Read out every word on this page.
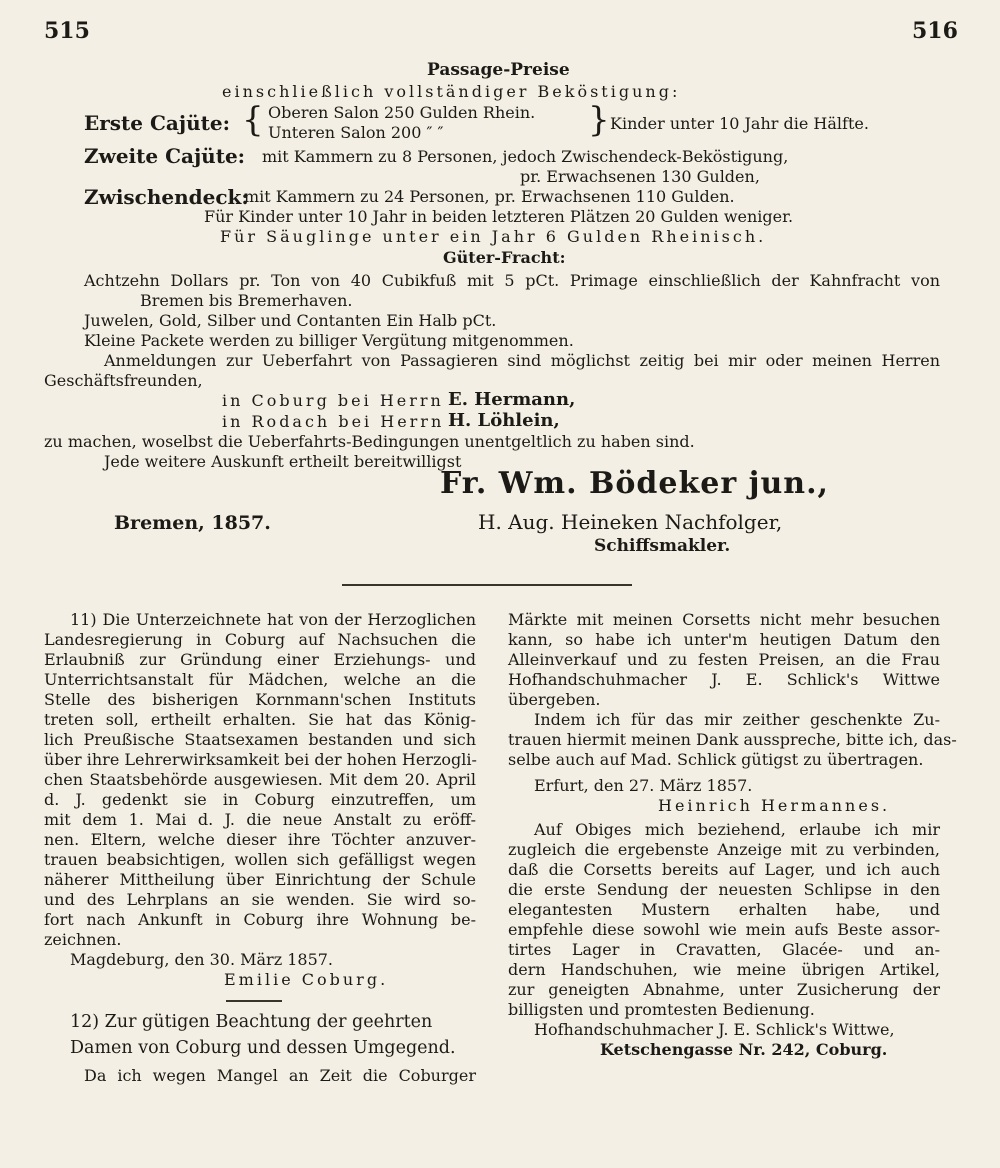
515	516
Passage-Preise
einschließlich vollständiger Beköstigung:
Erste Cajüte: { Oberen Salon 250 Gulden Rhein.
Unteren Salon 200 ″ ″	} Kinder unter 10 Jahr die Hälfte.
Zweite Cajüte: mit Kammern zu 8 Personen, jedoch Zwischendeck-Beköstigung,
pr. Erwachsenen 130 Gulden,
Zwischendeck:
mit Kammern zu 24 Personen, pr. Erwachsenen 110 Gulden.
Für Kinder unter 10 Jahr in beiden letzteren Plätzen 20 Gulden weniger.
Für Säuglinge unter ein Jahr 6 Gulden Rheinisch.
Güter-Fracht:
Achtzehn Dollars pr. Ton von 40 Cubikfuß mit 5 pCt. Primage einschließlich der Kahnfracht von
Bremen bis Bremerhaven.
Juwelen, Gold, Silber und Contanten Ein Halb pCt.
Kleine Packete werden zu billiger Vergütung mitgenommen.
Anmeldungen zur Ueberfahrt von Passagieren sind möglichst zeitig bei mir oder meinen Herren
Geschäftsfreunden,
in Coburg bei Herrn E. Hermann,
in Rodach bei Herrn H. Löhlein,
zu machen, woselbst die Ueberfahrts-Bedingungen unentgeltlich zu haben sind.
Jede weitere Auskunft ertheilt bereitwilligst
Fr. Wm. Bödeker jun.,
Bremen, 1857.	H. Aug. Heineken Nachfolger,
Schiffsmakler.
11) Die Unterzeichnete hat von der Herzoglichen
Landesregierung in Coburg auf Nachsuchen die
Erlaubniß zur Gründung einer Erziehungs- und
Unterrichtsanstalt für Mädchen, welche an die
Stelle des bisherigen Kornmann'schen Instituts
treten soll, ertheilt erhalten. Sie hat das König-
lich Preußische Staatsexamen bestanden und sich
über ihre Lehrerwirksamkeit bei der hohen Herzogli-
chen Staatsbehörde ausgewiesen. Mit dem 20. April
d. J. gedenkt sie in Coburg einzutreffen, um
mit dem 1. Mai d. J. die neue Anstalt zu eröff-
nen. Eltern, welche dieser ihre Töchter anzuver-
trauen beabsichtigen, wollen sich gefälligst wegen
näherer Mittheilung über Einrichtung der Schule
und des Lehrplans an sie wenden. Sie wird so-
fort nach Ankunft in Coburg ihre Wohnung be-
zeichnen.
Magdeburg, den 30. März 1857.
Emilie Coburg.
12) Zur gütigen Beachtung der geehrten
Damen von Coburg und dessen Umgegend.
Da ich wegen Mangel an Zeit die Coburger
Märkte mit meinen Corsetts nicht mehr besuchen
kann, so habe ich unter'm heutigen Datum den
Alleinverkauf und zu festen Preisen, an die Frau
Hofhandschuhmacher J. E. Schlick's Wittwe
übergeben.
Indem ich für das mir zeither geschenkte Zu-
trauen hiermit meinen Dank ausspreche, bitte ich, das-
selbe auch auf Mad. Schlick gütigst zu übertragen.
Erfurt, den 27. März 1857.
Heinrich Hermannes.
Auf Obiges mich beziehend, erlaube ich mir
zugleich die ergebenste Anzeige mit zu verbinden,
daß die Corsetts bereits auf Lager, und ich auch
die erste Sendung der neuesten Schlipse in den
elegantesten Mustern erhalten habe, und
empfehle diese sowohl wie mein aufs Beste assor-
tirtes Lager in Cravatten, Glacée- und an-
dern Handschuhen, wie meine übrigen Artikel,
zur geneigten Abnahme, unter Zusicherung der
billigsten und promtesten Bedienung.
Hofhandschuhmacher J. E. Schlick's Wittwe,
Ketschengasse Nr. 242, Coburg.
